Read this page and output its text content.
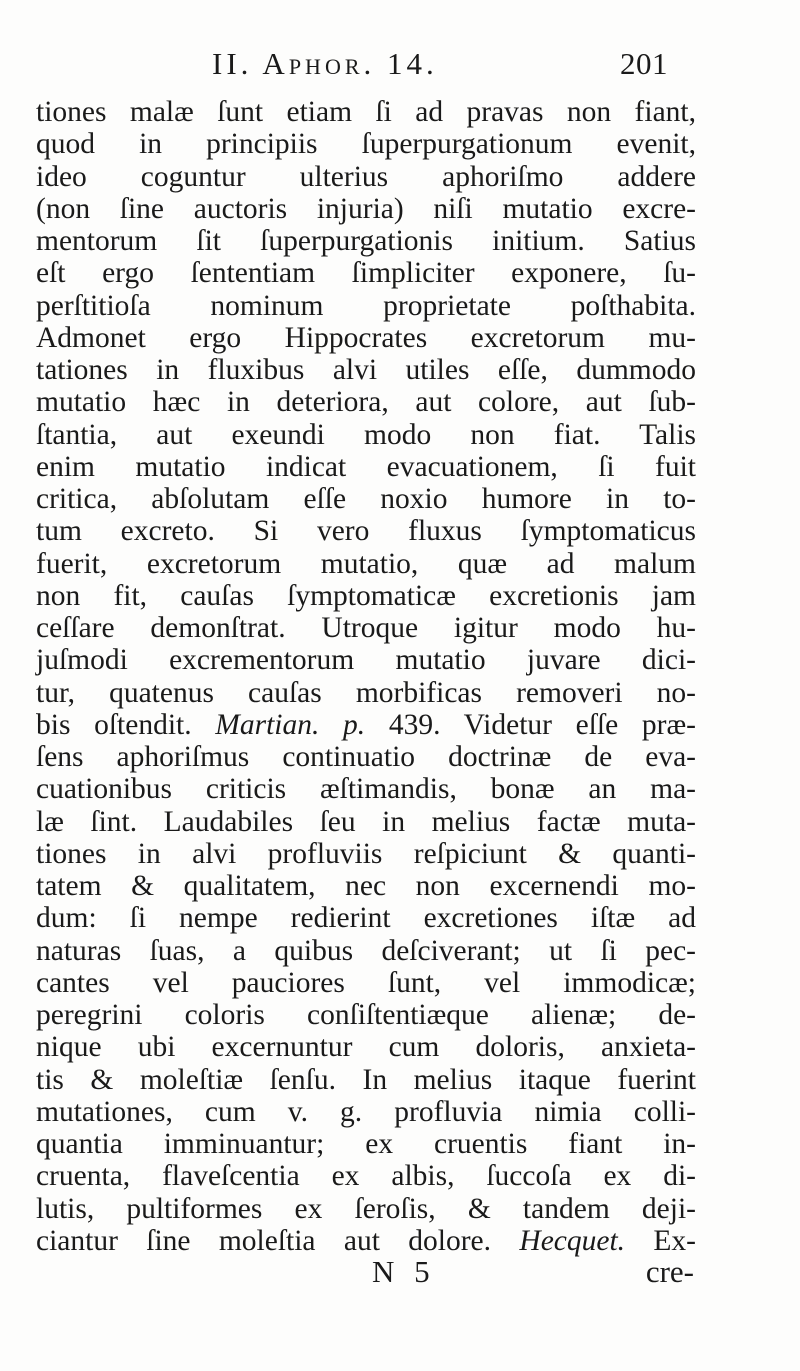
II. Aphor. 14.	201
tiones malæ ſunt etiam ſi ad pravas non fiant,
quod in principiis ſuperpurgationum evenit,
ideo coguntur ulterius aphoriſmo addere
(non ſine auctoris injuria) niſi mutatio excre-
mentorum ſit ſuperpurgationis initium. Satius
eſt ergo ſententiam ſimpliciter exponere, ſu-
perſtitioſa nominum proprietate poſthabita.
Admonet ergo Hippocrates excretorum mu-
tationes in fluxibus alvi utiles eſſe, dummodo
mutatio hæc in deteriora, aut colore, aut ſub-
ſtantia, aut exeundi modo non fiat. Talis
enim mutatio indicat evacuationem, ſi fuit
critica, abſolutam eſſe noxio humore in to-
tum excreto. Si vero fluxus ſymptomaticus
fuerit, excretorum mutatio, quæ ad malum
non fit, cauſas ſymptomaticæ excretionis jam
ceſſare demonſtrat. Utroque igitur modo hu-
juſmodi excrementorum mutatio juvare dici-
tur, quatenus cauſas morbificas removeri no-
bis oſtendit. Martian. p. 439. Videtur eſſe præ-
ſens aphoriſmus continuatio doctrinæ de eva-
cuationibus criticis æſtimandis, bonæ an ma-
læ ſint. Laudabiles ſeu in melius factæ muta-
tiones in alvi profluviis reſpiciunt & quanti-
tatem & qualitatem, nec non excernendi mo-
dum: ſi nempe redierint excretiones iſtæ ad
naturas ſuas, a quibus deſciverant; ut ſi pec-
cantes vel pauciores ſunt, vel immodicæ;
peregrini coloris conſiſtentiæque alienæ; de-
nique ubi excernuntur cum doloris, anxieta-
tis & moleſtiæ ſenſu. In melius itaque fuerint
mutationes, cum v. g. profluvia nimia colli-
quantia imminuantur; ex cruentis fiant in-
cruenta, flaveſcentia ex albis, ſuccoſa ex di-
lutis, pultiformes ex ſeroſis, & tandem deji-
ciantur ſine moleſtia aut dolore. Hecquet. Ex-
N 5	cre-
